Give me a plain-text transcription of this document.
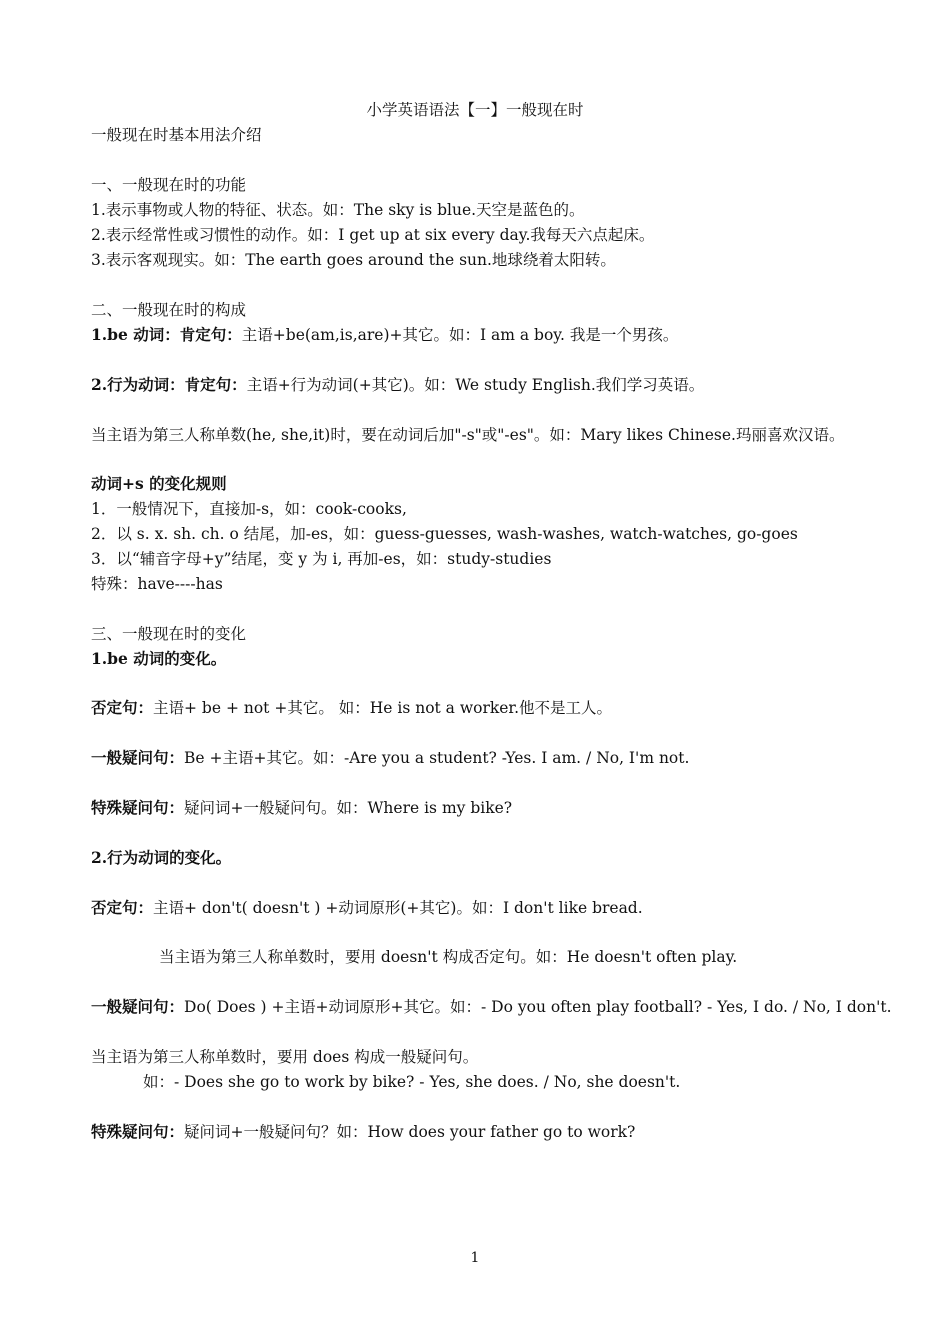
小学英语语法【一】一般现在时
一般现在时基本用法介绍
一、一般现在时的功能
1.表示事物或人物的特征、状态。如：The sky is blue.天空是蓝色的。
2.表示经常性或习惯性的动作。如：I get up at six every day.我每天六点起床。
3.表示客观现实。如：The earth goes around the sun.地球绕着太阳转。
二、一般现在时的构成
1.be 动词：肯定句：主语+be(am,is,are)+其它。如：I am a boy. 我是一个男孩。
2.行为动词：肯定句：主语+行为动词(+其它)。如：We study English.我们学习英语。
当主语为第三人称单数(he, she,it)时，要在动词后加"-s"或"-es"。如：Mary likes Chinese.玛丽喜欢汉语。
动词+s 的变化规则
1．一般情况下，直接加-s，如：cook-cooks,
2．以 s. x. sh. ch. o 结尾，加-es，如：guess-guesses, wash-washes, watch-watches, go-goes
3．以“辅音字母+y”结尾，变 y 为 i, 再加-es，如：study-studies
特殊：have----has
三、一般现在时的变化
1.be 动词的变化。
否定句：主语+ be + not +其它。 如：He is not a worker.他不是工人。
一般疑问句：Be +主语+其它。如：-Are you a student? -Yes. I am. / No, I'm not.
特殊疑问句：疑问词+一般疑问句。如：Where is my bike?
2.行为动词的变化。
否定句：主语+ don't( doesn't ) +动词原形(+其它)。如：I don't like bread.
当主语为第三人称单数时，要用 doesn't 构成否定句。如：He doesn't often play.
一般疑问句：Do( Does ) +主语+动词原形+其它。如：- Do you often play football? - Yes, I do. / No, I don't.
当主语为第三人称单数时，要用 does 构成一般疑问句。
如：- Does she go to work by bike? - Yes, she does. / No, she doesn't.
特殊疑问句：疑问词+一般疑问句？如：How does your father go to work?
1
